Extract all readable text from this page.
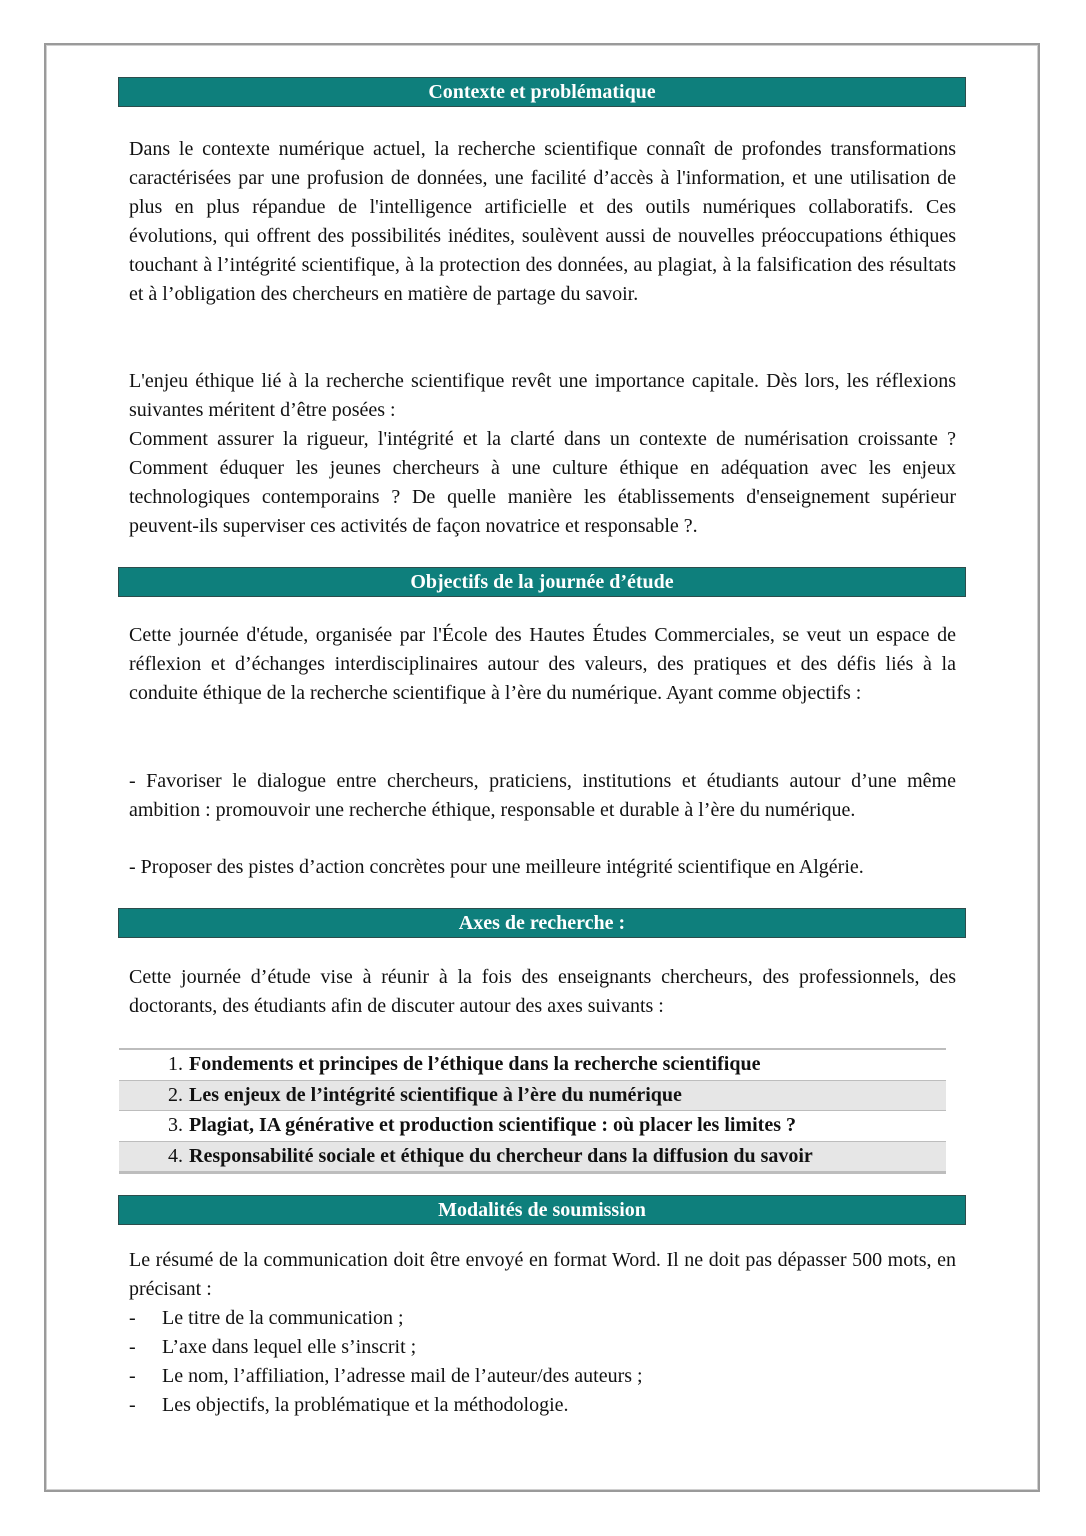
Contexte et problématique

Dans le contexte numérique actuel, la recherche scientifique connaît de profondes transformations caractérisées par une profusion de données, une facilité d’accès à l'information, et une utilisation de plus en plus répandue de l'intelligence artificielle et des outils numériques collaboratifs. Ces évolutions, qui offrent des possibilités inédites, soulèvent aussi de nouvelles préoccupations éthiques touchant à l’intégrité scientifique, à la protection des données, au plagiat, à la falsification des résultats et à l’obligation des chercheurs en matière de partage du savoir.

L'enjeu éthique lié à la recherche scientifique revêt une importance capitale. Dès lors, les réflexions suivantes méritent d’être posées :

Comment assurer la rigueur, l'intégrité et la clarté dans un contexte de numérisation croissante ? Comment éduquer les jeunes chercheurs à une culture éthique en adéquation avec les enjeux technologiques contemporains ? De quelle manière les établissements d'enseignement supérieur peuvent-ils superviser ces activités de façon novatrice et responsable ?.

Objectifs de la journée d’étude

Cette journée d'étude, organisée par l'École des Hautes Études Commerciales, se veut un espace de réflexion et d’échanges interdisciplinaires autour des valeurs, des pratiques et des défis liés à la conduite éthique de la recherche scientifique à l’ère du numérique. Ayant comme objectifs :

- Favoriser le dialogue entre chercheurs, praticiens, institutions et étudiants autour d’une même ambition : promouvoir une recherche éthique, responsable et durable à l’ère du numérique.

- Proposer des pistes d’action concrètes pour une meilleure intégrité scientifique en Algérie.

Axes de recherche :

Cette journée d’étude vise à réunir à la fois des enseignants chercheurs, des professionnels, des doctorants, des étudiants afin de discuter autour des axes suivants :

1. Fondements et principes de l’éthique dans la recherche scientifique
2. Les enjeux de l’intégrité scientifique à l’ère du numérique
3. Plagiat, IA générative et production scientifique : où placer les limites ?
4. Responsabilité sociale et éthique du chercheur dans la diffusion du savoir
Modalités de soumission

Le résumé de la communication doit être envoyé en format Word. Il ne doit pas dépasser 500 mots, en précisant :

-	Le titre de la communication ;
-	L’axe dans lequel elle s’inscrit ;
-	Le nom, l’affiliation, l’adresse mail de l’auteur/des auteurs ;
-	Les objectifs, la problématique et la méthodologie.
